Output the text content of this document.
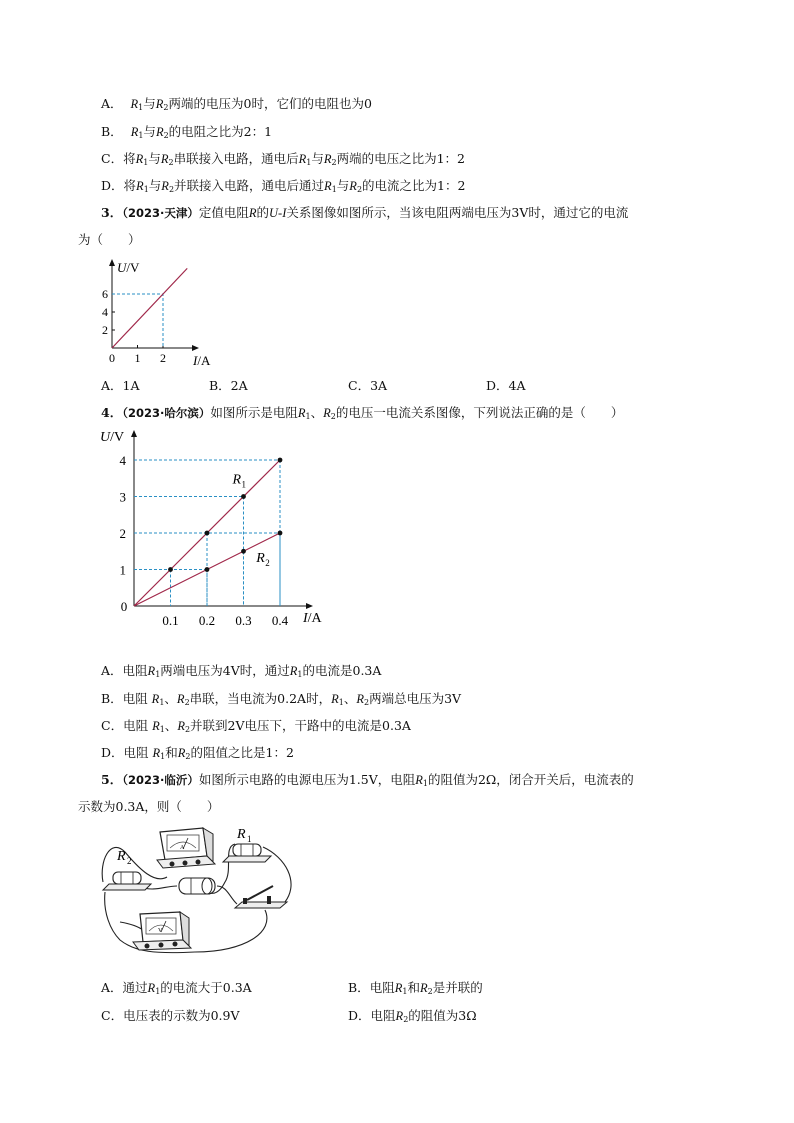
A． $R_1$与$R_2$两端的电压为0时，它们的电阻也为0
B． $R_1$与$R_2$的电阻之比为2：1
C．将$R_1$与$R_2$串联接入电路，通电后$R_1$与$R_2$两端的电压之比为1：2
D．将$R_1$与$R_2$并联接入电路，通电后通过$R_1$与$R_2$的电流之比为1：2
3．（2023·天津）定值电阻R的U-I关系图像如图所示，当该电阻两端电压为3V时，通过它的电流
为（　　）
U/V
I/A
0 1 2
2
4
6
A．1A	B．2A	C．3A	D．4A
4．（2023·哈尔滨）如图所示是电阻$R_1$、$R_2$的电压一电流关系图像，下列说法正确的是（　　）
U/V
I/A
0
0.1 0.2 0.3 0.4
1
2
3
4
R 1
R 2
A．电阻$R_1$两端电压为4V时，通过$R_1$的电流是0.3A
B．电阻 $R_1$、$R_2$串联，当电流为0.2A时，$R_1$、$R_2$两端总电压为3V
C．电阻 $R_1$、$R_2$并联到2V电压下，干路中的电流是0.3A
D．电阻 $R_1$和$R_2$的阻值之比是1：2
5．（2023·临沂）如图所示电路的电源电压为1.5V，电阻$R_1$的阻值为2Ω，闭合开关后，电流表的
示数为0.3A，则（　　）
A
R 1
R 2
V
A．通过$R_1$的电流大于0.3A	B．电阻$R_1$和$R_2$是并联的
C．电压表的示数为0.9V	D．电阻$R_2$的阻值为3Ω
